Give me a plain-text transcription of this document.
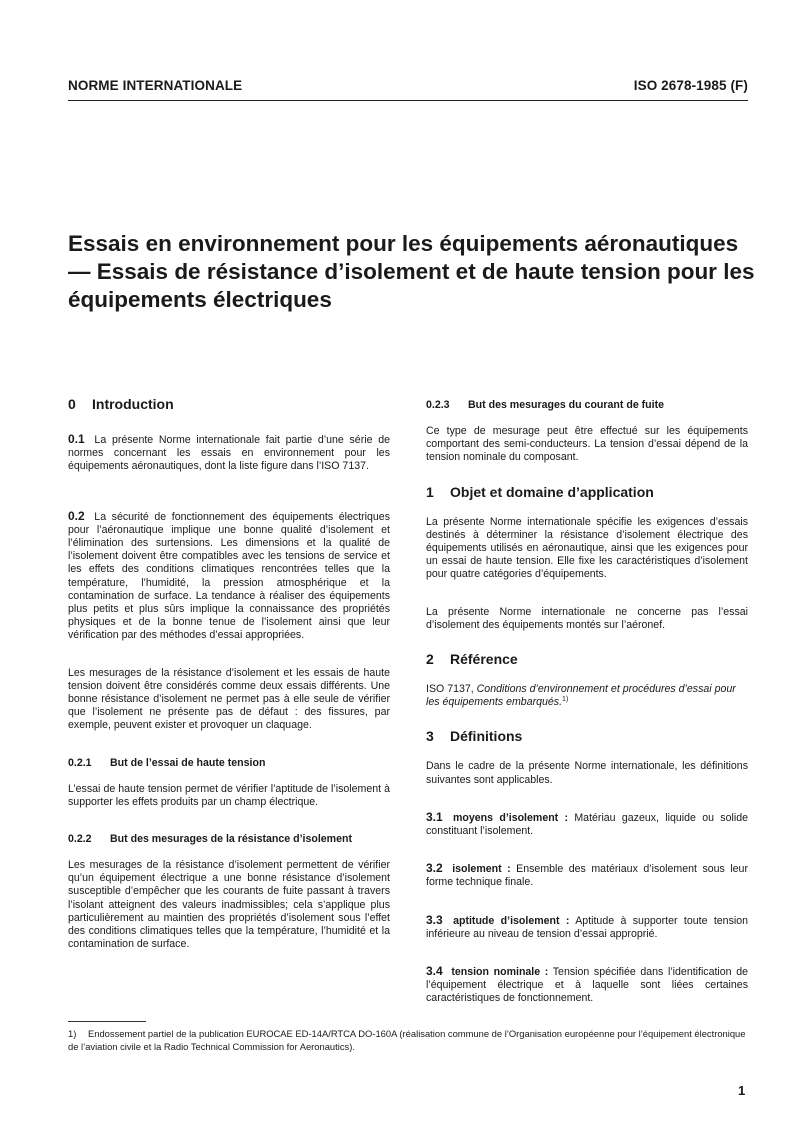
NORME INTERNATIONALE	ISO 2678-1985 (F)
Essais en environnement pour les équipements aéronautiques — Essais de résistance d’isolement et de haute tension pour les équipements électriques
0 Introduction

0.1 La présente Norme internationale fait partie d’une série de normes concernant les essais en environnement pour les équipements aéronautiques, dont la liste figure dans l’ISO 7137.

0.2 La sécurité de fonctionnement des équipements électriques pour l’aéronautique implique une bonne qualité d’isolement et l’élimination des surtensions. Les dimensions et la qualité de l’isolement doivent être compatibles avec les tensions de service et les effets des conditions climatiques rencontrées telles que la température, l’humidité, la pression atmosphérique et la contamination de surface. La tendance à réaliser des équipements plus petits et plus sûrs implique la connaissance des propriétés physiques et de la bonne tenue de l’isolement ainsi que leur vérification par des méthodes d’essai appropriées.

Les mesurages de la résistance d’isolement et les essais de haute tension doivent être considérés comme deux essais différents. Une bonne résistance d’isolement ne permet pas à elle seule de vérifier que l’isolement ne présente pas de défaut : des fissures, par exemple, peuvent exister et provoquer un claquage.

0.2.1 But de l’essai de haute tension

L’essai de haute tension permet de vérifier l’aptitude de l’isolement à supporter les effets produits par un champ électrique.

0.2.2 But des mesurages de la résistance d’isolement

Les mesurages de la résistance d’isolement permettent de vérifier qu’un équipement électrique a une bonne résistance d’isolement susceptible d’empêcher que les courants de fuite passant à travers l’isolant atteignent des valeurs inadmissibles; cela s’applique plus particulièrement au maintien des propriétés d’isolement sous l’effet des conditions climatiques telles que la température, l’humidité et la contamination de surface.

0.2.3 But des mesurages du courant de fuite

Ce type de mesurage peut être effectué sur les équipements comportant des semi-conducteurs. La tension d’essai dépend de la tension nominale du composant.

1 Objet et domaine d’application

La présente Norme internationale spécifie les exigences d’essais destinés à déterminer la résistance d’isolement électrique des équipements utilisés en aéronautique, ainsi que les exigences pour un essai de haute tension. Elle fixe les caractéristiques d’isolement pour quatre catégories d’équipements.

La présente Norme internationale ne concerne pas l’essai d’isolement des équipements montés sur l’aéronef.

2 Référence

ISO 7137, Conditions d’environnement et procédures d’essai pour les équipements embarqués.$^{1)}$

3 Définitions

Dans le cadre de la présente Norme internationale, les définitions suivantes sont applicables.

3.1 moyens d’isolement : Matériau gazeux, liquide ou solide constituant l’isolement.

3.2 isolement : Ensemble des matériaux d’isolement sous leur forme technique finale.

3.3 aptitude d’isolement : Aptitude à supporter toute tension inférieure au niveau de tension d’essai approprié.

3.4 tension nominale : Tension spécifiée dans l’identification de l’équipement électrique et à laquelle sont liées certaines caractéristiques de fonctionnement.

1) Endossement partiel de la publication EUROCAE ED-14A/RTCA DO-160A (réalisation commune de l’Organisation européenne pour l’équipement électronique de l’aviation civile et la Radio Technical Commission for Aeronautics).
1
